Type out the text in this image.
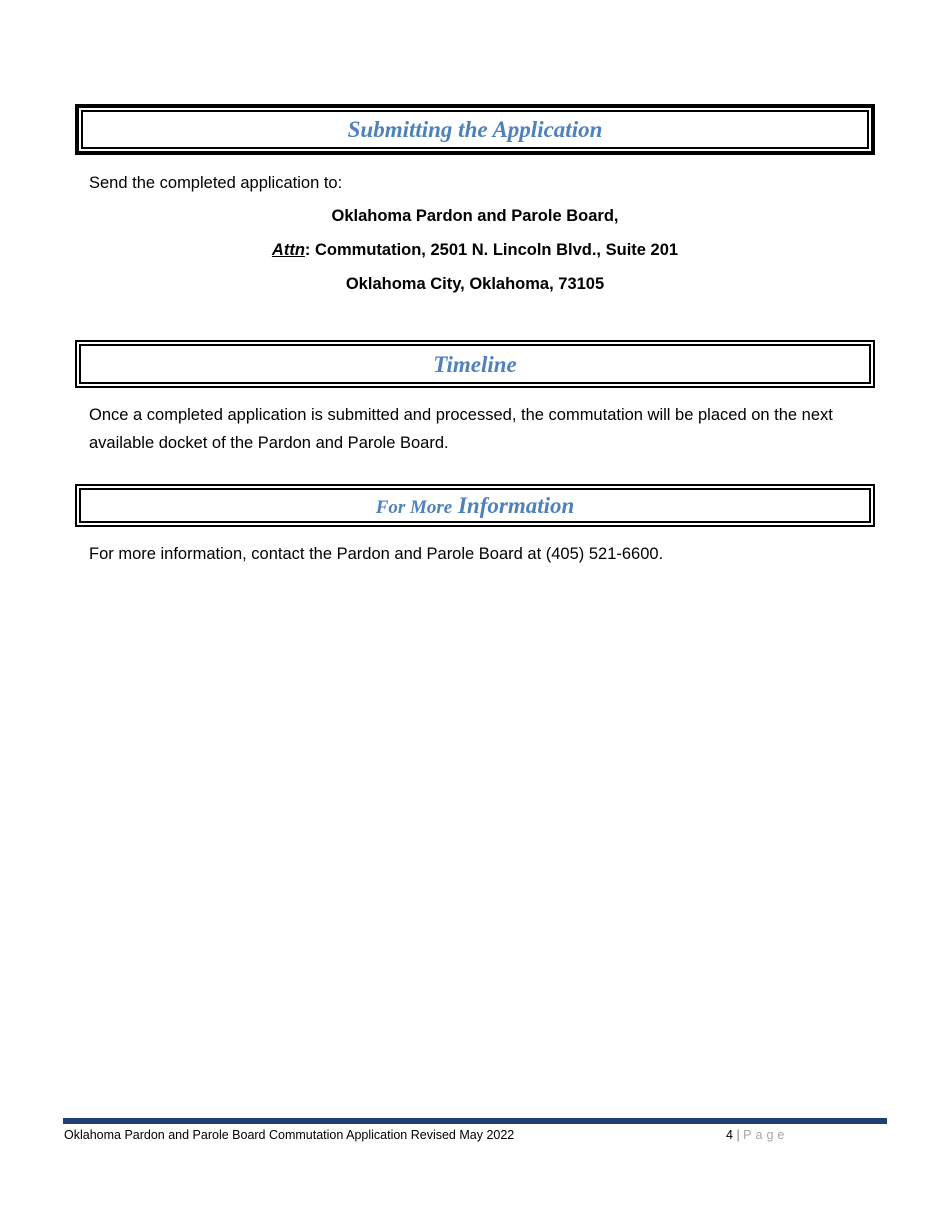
Submitting the Application

Send the completed application to:

Oklahoma Pardon and Parole Board,

Attn: Commutation, 2501 N. Lincoln Blvd., Suite 201

Oklahoma City, Oklahoma, 73105

Timeline

Once a completed application is submitted and processed, the commutation will be placed on the next available docket of the Pardon and Parole Board.

For More Information

For more information, contact the Pardon and Parole Board at (405) 521-6600.

Oklahoma Pardon and Parole Board Commutation Application Revised May 2022	4 | Page
